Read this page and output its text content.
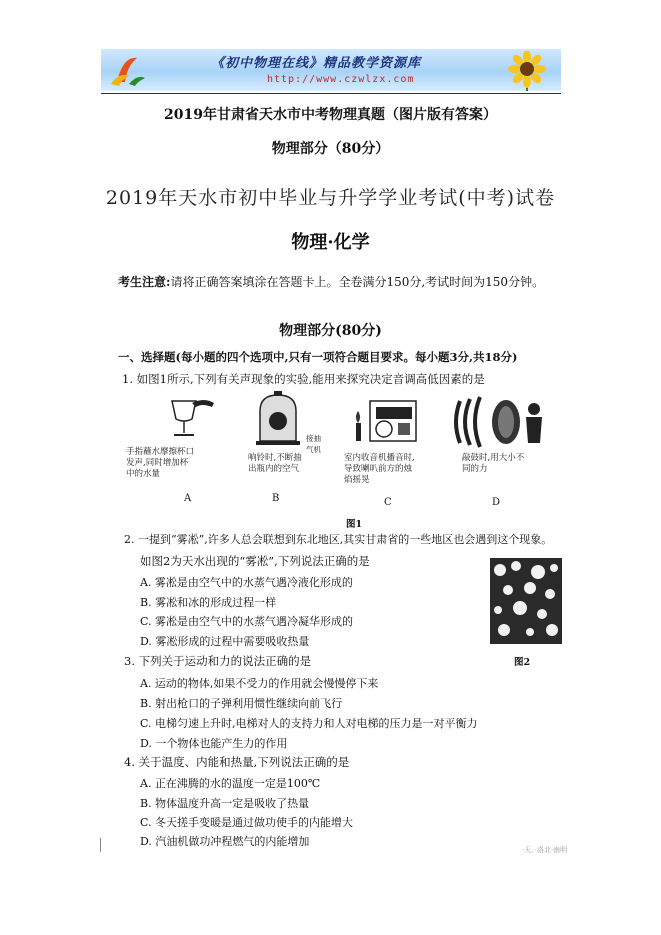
《初中物理在线》精品教学资源库
http://www.czwlzx.com
2019年甘肃省天水市中考物理真题（图片版有答案）
物理部分（80分）
2019年天水市初中毕业与升学学业考试(中考)试卷
物理·化学
考生注意:请将正确答案填涂在答题卡上。全卷满分150分,考试时间为150分钟。
物理部分(80分)
一、选择题(每小题的四个选项中,只有一项符合题目要求。每小题3分,共18分)
1. 如图1所示,下列有关声现象的实验,能用来探究决定音调高低因素的是
手指蘸水摩擦杯口
发声,同时增加杯
中的水量
A
接抽
气机
响铃时,不断抽
出瓶内的空气
B
室内收音机播音时,
导致喇叭前方的烛
焰摇晃
C
敲鼓时,用大小不
同的力
D
图1
2. 一提到“雾凇”,许多人总会联想到东北地区,其实甘肃省的一些地区也会遇到这个现象。
如图2为天水出现的“雾凇”,下列说法正确的是
A. 雾凇是由空气中的水蒸气遇冷液化形成的
B. 雾凇和冰的形成过程一样
C. 雾凇是由空气中的水蒸气遇冷凝华形成的
D. 雾凇形成的过程中需要吸收热量
图2
3. 下列关于运动和力的说法正确的是
A. 运动的物体,如果不受力的作用就会慢慢停下来
B. 射出枪口的子弹利用惯性继续向前飞行
C. 电梯匀速上升时,电梯对人的支持力和人对电梯的压力是一对平衡力
D. 一个物体也能产生力的作用
4. 关于温度、内能和热量,下列说法正确的是
A. 正在沸腾的水的温度一定是100℃
B. 物体温度升高一定是吸收了热量
C. 冬天搓手变暖是通过做功使手的内能增大
D. 汽油机做功冲程燃气的内能增加
·天、·洛北·南明
